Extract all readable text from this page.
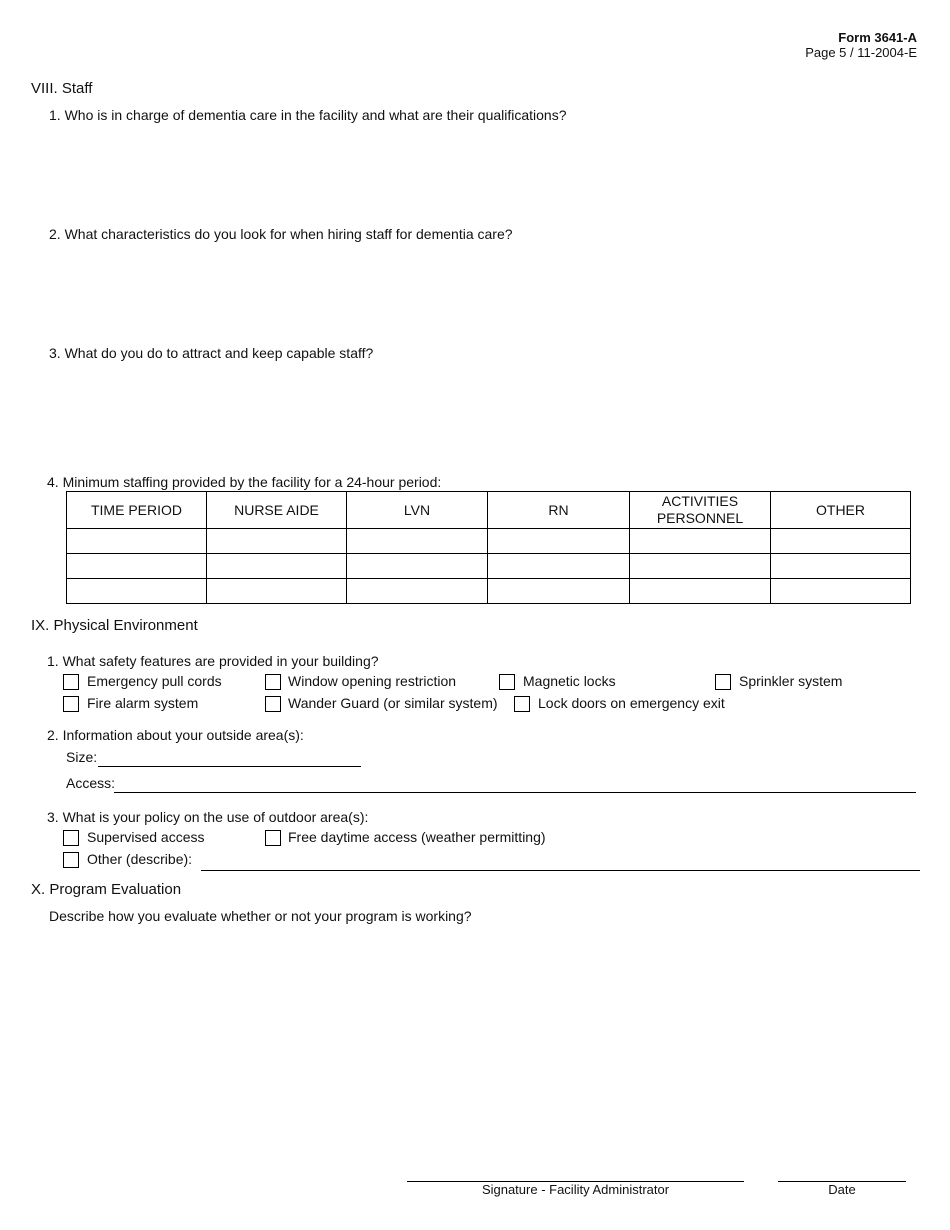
Form 3641-A
Page 5 / 11-2004-E
VIII. Staff
1. Who is in charge of dementia care in the facility and what are their qualifications?
2. What characteristics do you look for when hiring staff for dementia care?
3. What do you do to attract and keep capable staff?
4. Minimum staffing provided by the facility for a 24-hour period:
TIME PERIOD	NURSE AIDE	LVN	RN	ACTIVITIES PERSONNEL	OTHER

IX. Physical Environment
1. What safety features are provided in your building?
Emergency pull cords	Window opening restriction	Magnetic locks	Sprinkler system
Fire alarm system	Wander Guard (or similar system)	Lock doors on emergency exit
2. Information about your outside area(s):
Size:
Access:
3. What is your policy on the use of outdoor area(s):
Supervised access	Free daytime access (weather permitting)
Other (describe):
X. Program Evaluation
Describe how you evaluate whether or not your program is working?
Signature - Facility Administrator	Date
